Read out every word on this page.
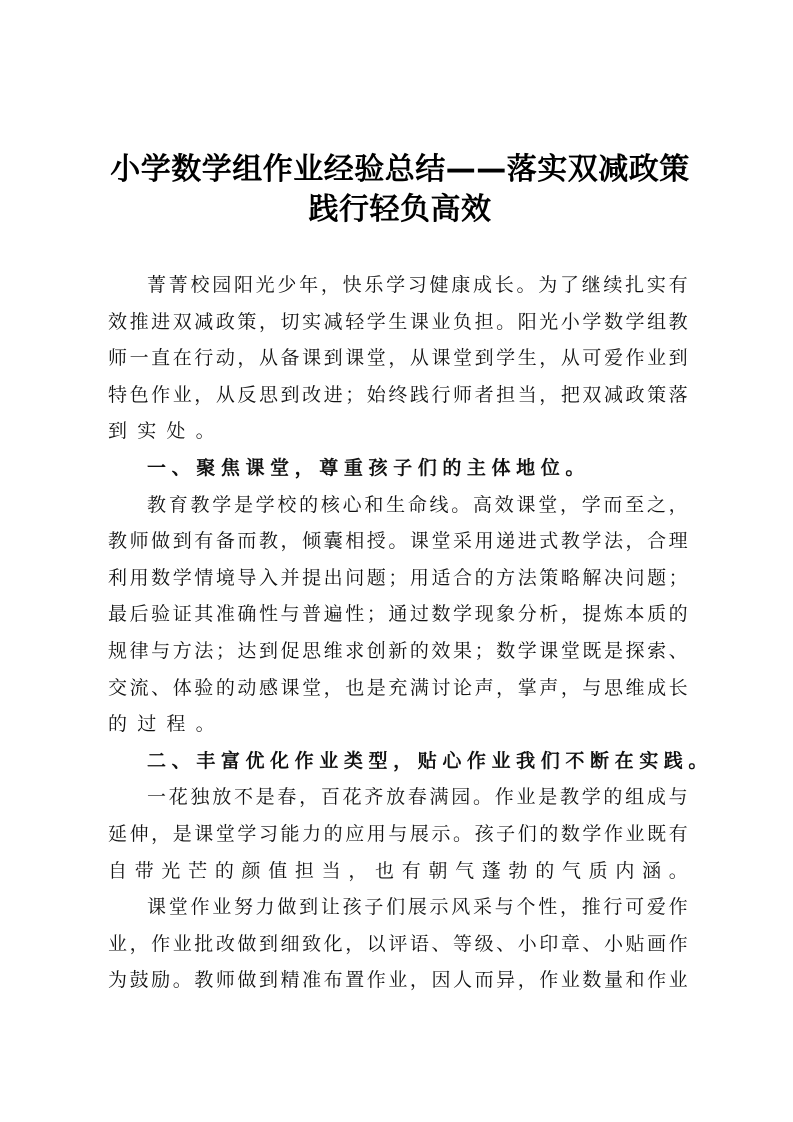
小学数学组作业经验总结——落实双减政策
践行轻负高效
菁 菁 校 园 阳 光 少 年 ， 快 乐 学 习 健 康 成 长 。 为 了 继 续 扎 实 有
效 推 进 双 减 政 策 ， 切 实 减 轻 学 生 课 业 负 担 。 阳 光 小 学 数 学 组 教
师 一 直 在 行 动 ， 从 备 课 到 课 堂 ， 从 课 堂 到 学 生 ， 从 可 爱 作 业 到
特 色 作 业 ， 从 反 思 到 改 进 ； 始 终 践 行 师 者 担 当 ， 把 双 减 政 策 落
到 实 处 。
一 、 聚 焦 课 堂 ， 尊 重 孩 子 们 的 主 体 地 位 。
教 育 教 学 是 学 校 的 核 心 和 生 命 线 。 高 效 课 堂 ， 学 而 至 之 ，
教 师 做 到 有 备 而 教 ， 倾 囊 相 授 。 课 堂 采 用 递 进 式 教 学 法 ， 合 理
利 用 数 学 情 境 导 入 并 提 出 问 题 ； 用 适 合 的 方 法 策 略 解 决 问 题 ；
最 后 验 证 其 准 确 性 与 普 遍 性 ； 通 过 数 学 现 象 分 析 ， 提 炼 本 质 的
规 律 与 方 法 ； 达 到 促 思 维 求 创 新 的 效 果 ； 数 学 课 堂 既 是 探 索 、
交 流 、 体 验 的 动 感 课 堂 ， 也 是 充 满 讨 论 声 ， 掌 声 ， 与 思 维 成 长
的 过 程 。
二 、 丰 富 优 化 作 业 类 型 ， 贴 心 作 业 我 们 不 断 在 实 践 。
一 花 独 放 不 是 春 ， 百 花 齐 放 春 满 园 。 作 业 是 教 学 的 组 成 与
延 伸 ， 是 课 堂 学 习 能 力 的 应 用 与 展 示 。 孩 子 们 的 数 学 作 业 既 有
自 带 光 芒 的 颜 值 担 当 ， 也 有 朝 气 蓬 勃 的 气 质 内 涵 。
课 堂 作 业 努 力 做 到 让 孩 子 们 展 示 风 采 与 个 性 ， 推 行 可 爱 作
业 ， 作 业 批 改 做 到 细 致 化 ， 以 评 语 、 等 级 、 小 印 章 、 小 贴 画 作
为 鼓 励 。 教 师 做 到 精 准 布 置 作 业 ， 因 人 而 异 ， 作 业 数 量 和 作 业
